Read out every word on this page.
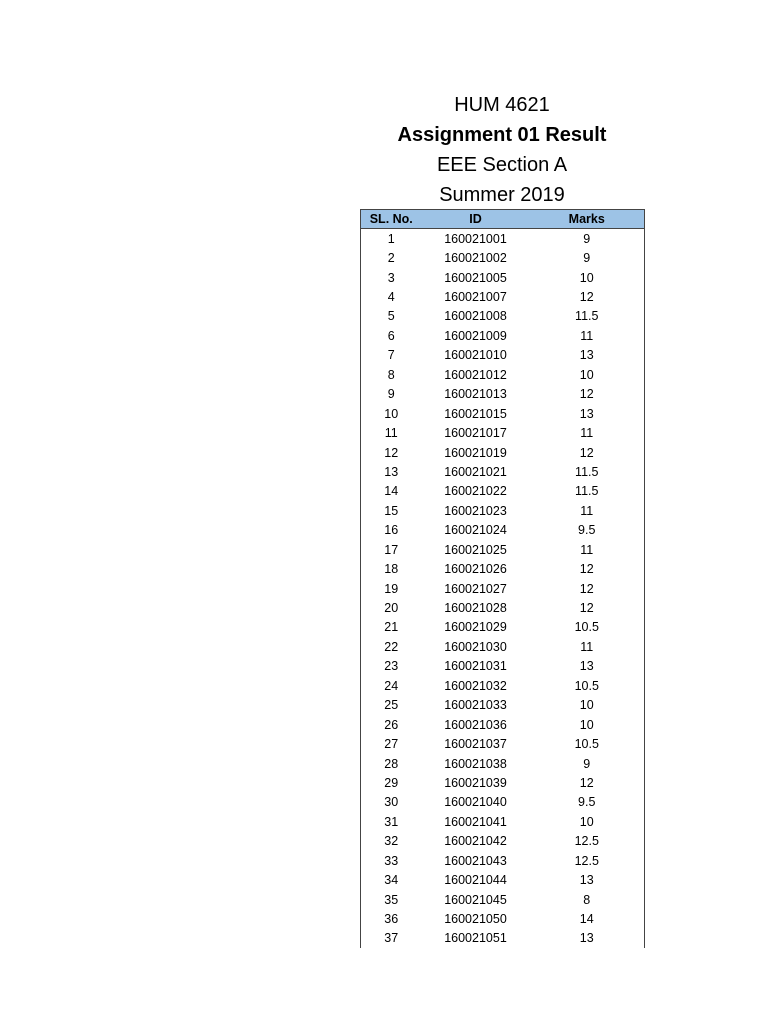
HUM 4621
Assignment 01 Result
EEE Section A
Summer 2019
SL. No.	ID	Marks
1	160021001	9
2	160021002	9
3	160021005	10
4	160021007	12
5	160021008	11.5
6	160021009	11
7	160021010	13
8	160021012	10
9	160021013	12
10	160021015	13
11	160021017	11
12	160021019	12
13	160021021	11.5
14	160021022	11.5
15	160021023	11
16	160021024	9.5
17	160021025	11
18	160021026	12
19	160021027	12
20	160021028	12
21	160021029	10.5
22	160021030	11
23	160021031	13
24	160021032	10.5
25	160021033	10
26	160021036	10
27	160021037	10.5
28	160021038	9
29	160021039	12
30	160021040	9.5
31	160021041	10
32	160021042	12.5
33	160021043	12.5
34	160021044	13
35	160021045	8
36	160021050	14
37	160021051	13
